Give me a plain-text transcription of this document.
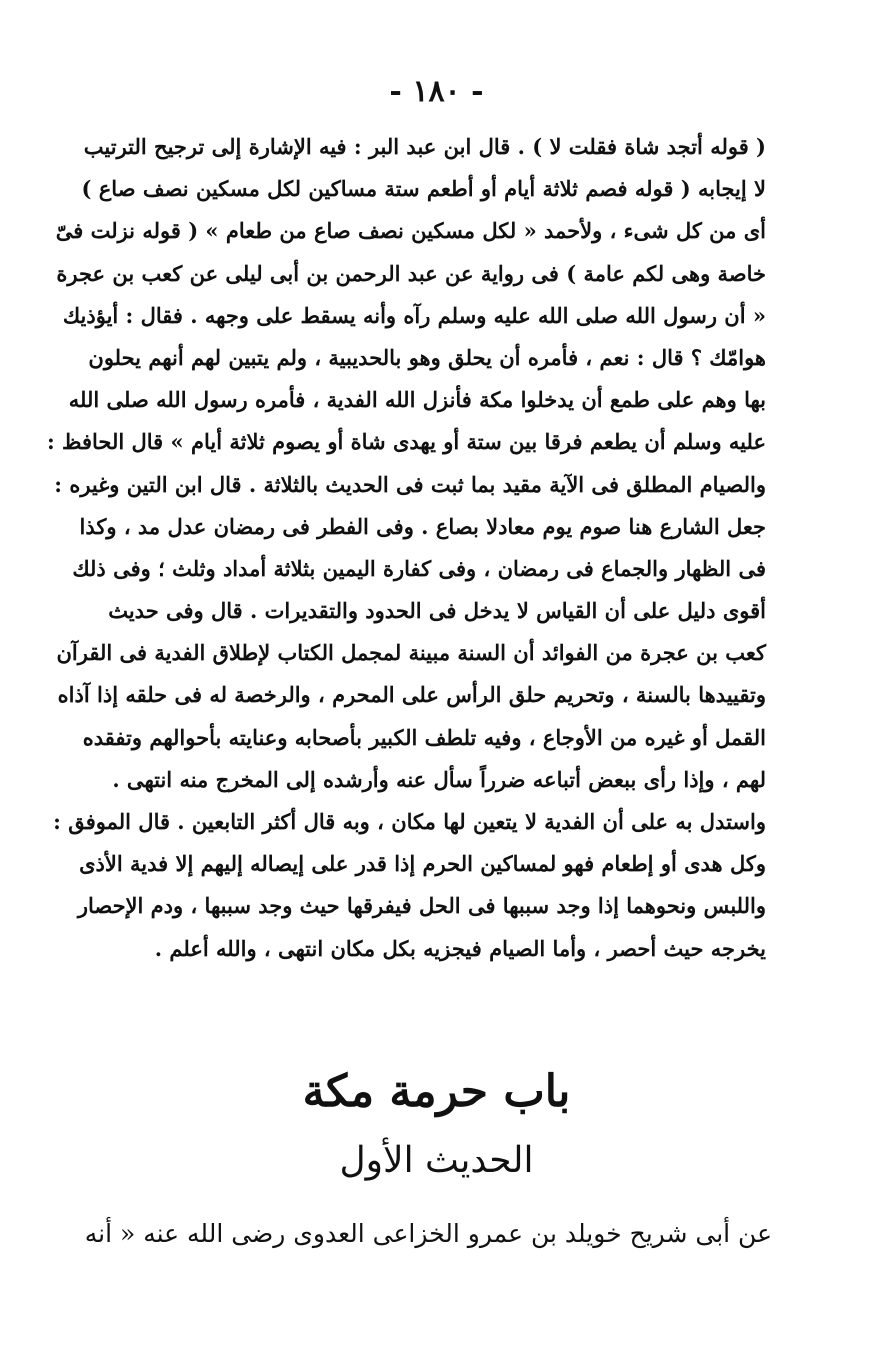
- ١٨٠ -
( قوله أتجد شاة فقلت لا ) . قال ابن عبد البر : فيه الإشارة إلى ترجيح الترتيب
لا إيجابه ( قوله فصم ثلاثة أيام أو أطعم ستة مساكين لكل مسكين نصف صاع )
أى من كل شىء ، ولأحمد « لكل مسكين نصف صاع من طعام » ( قوله نزلت فىّ
خاصة وهى لكم عامة ) فى رواية عن عبد الرحمن بن أبى ليلى عن كعب بن عجرة
« أن رسول الله صلى الله عليه وسلم رآه وأنه يسقط على وجهه . فقال : أيؤذيك
هوامّك ؟ قال : نعم ، فأمره أن يحلق وهو بالحديبية ، ولم يتبين لهم أنهم يحلون
بها وهم على طمع أن يدخلوا مكة فأنزل الله الفدية ، فأمره رسول الله صلى الله
عليه وسلم أن يطعم فرقا بين ستة أو يهدى شاة أو يصوم ثلاثة أيام » قال الحافظ :
والصيام المطلق فى الآية مقيد بما ثبت فى الحديث بالثلاثة . قال ابن التين وغيره :
جعل الشارع هنا صوم يوم معادلا بصاع . وفى الفطر فى رمضان عدل مد ، وكذا
فى الظهار والجماع فى رمضان ، وفى كفارة اليمين بثلاثة أمداد وثلث ؛ وفى ذلك
أقوى دليل على أن القياس لا يدخل فى الحدود والتقديرات . قال وفى حديث
كعب بن عجرة من الفوائد أن السنة مبينة لمجمل الكتاب لإطلاق الفدية فى القرآن
وتقييدها بالسنة ، وتحريم حلق الرأس على المحرم ، والرخصة له فى حلقه إذا آذاه
القمل أو غيره من الأوجاع ، وفيه تلطف الكبير بأصحابه وعنايته بأحوالهم وتفقده
لهم ، وإذا رأى ببعض أتباعه ضرراً سأل عنه وأرشده إلى المخرج منه انتهى .
واستدل به على أن الفدية لا يتعين لها مكان ، وبه قال أكثر التابعين . قال الموفق :
وكل هدى أو إطعام فهو لمساكين الحرم إذا قدر على إيصاله إليهم إلا فدية الأذى
واللبس ونحوهما إذا وجد سببها فى الحل فيفرقها حيث وجد سببها ، ودم الإحصار
يخرجه حيث أحصر ، وأما الصيام فيجزيه بكل مكان انتهى ، والله أعلم .
باب حرمة مكة
الحديث الأول
عن أبى شريح خويلد بن عمرو الخزاعى العدوى رضى الله عنه « أنه
